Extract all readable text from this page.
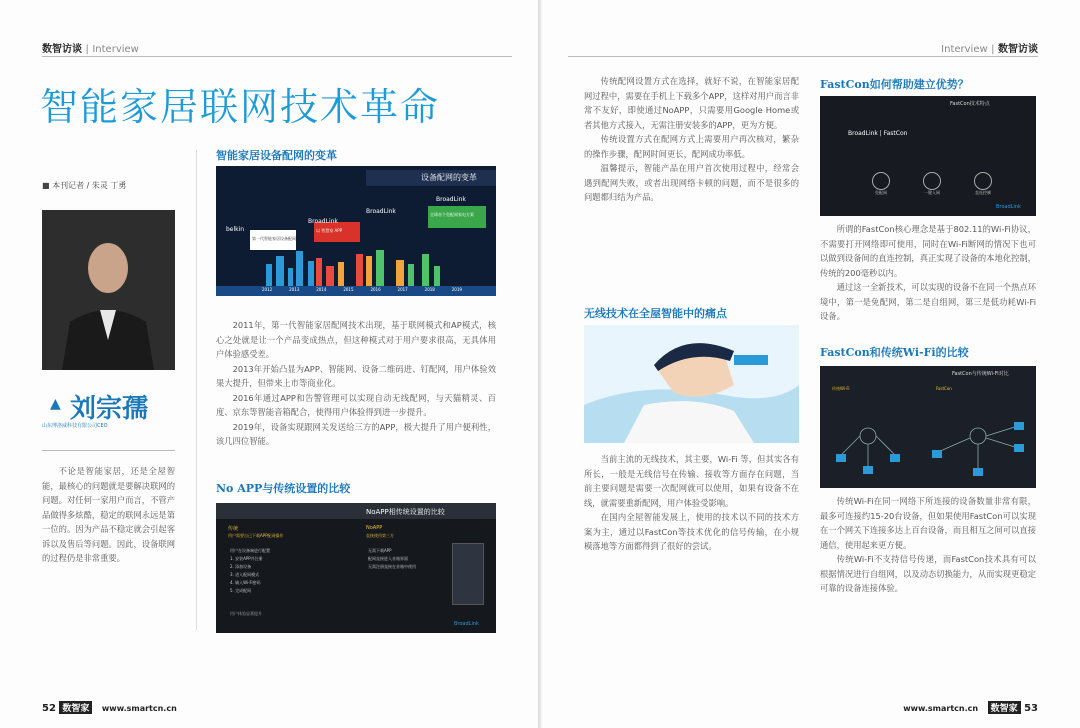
数智访谈 | Interview
智能家居联网技术革命
■ 本刊记者 / 朱灵 丁勇
▲ 刘宗孺
山东博洛威科技有限公司CEO

不论是智能家居，还是全屋智能，最核心的问题就是要解决联网的问题。对任何一家用户而言，不管产品做得多炫酷，稳定的联网永远是第一位的。因为产品不稳定就会引起客诉以及售后等问题。因此，设备联网的过程仍是非常重要。

智能家居设备配网的变革
设备配网的变革
BroadLink
BroadLink
belkin
BroadLink
第一代智能家居设备配网
以 智慧家 APP
全球首个免配网家电方案
2012	2013	2014	2015	2016	2017	2018	2019

2011年，第一代智能家居配网技术出现，基于联网模式和AP模式，核心之处就是让一个产品变成热点，但这种模式对于用户要求很高，无具体用户体验感受差。

2013年开始凸显为APP、智能网、设备二维码进、钉配网，用户体验效果大提升，但带来上市等商业化。

2016年通过APP和告警管理可以实现自动无线配网，与天猫精灵、百度、京东等智能音箱配合，使得用户体验得到进一步提升。

2019年，设备实现跟网关发送给三方的APP，极大提升了用户便利性，该几四位智能。

No APP与传统设置的比较
NoAPP相传统设置的比较
传统
用户需要自己下载APP配网操作
用户在设备端进行配置
1. 安装APP并注册
2. 添加设备
3. 进入配网模式
4. 输入Wi-Fi密码
5. 完成配网
NoAPP
直接使用第三方
无需下载APP
配网直接进入音箱界面
无需注册直接在音箱中使用
用户体验显著提升
BroadLink
52 数智家 www.smartcn.cn
Interview | 数智访谈

传统配网设置方式在选择，就好不说，在智能家居配网过程中，需要在手机上下载多个APP，这样对用户而言非常不友好，即使通过NoAPP，只需要用Google Home或者其他方式接入，无需注册安装多的APP，更为方便。

传统设置方式在配网方式上需要用户再次核对，繁杂的操作步骤，配网时间更长，配网成功率低。

温馨提示，智能产品在用户首次使用过程中，经常会遇到配网失败，或者出现网络卡顿的问题，而不是很多的问题都归结为产品。

无线技术在全屋智能中的痛点

当前主流的无线技术，其主要，Wi-Fi 等，但其实各有所长，一般是无线信号在传输、接收等方面存在问题，当前主要问题是需要一次配网就可以使用，如果有设备不在线，就需要重新配网，用户体验受影响。

在国内全屋智能发展上，使用的技术以不同的技术方案为主，通过以FastCon等技术优化的信号传输，在小规模落地等方面都得到了很好的尝试。

FastCon如何帮助建立优势？
FastCon技术特点
BroadLink | FastCon
免配网	一键入网	直连控制
BroadLink

所谓的FastCon核心理念是基于802.11的Wi-Fi协议，不需要打开网络即可使用，同时在Wi-Fi断网的情况下也可以做到设备间的直连控制，真正实现了设备的本地化控制，传统的200毫秒以内。

通过这一全新技术，可以实现的设备不在同一个热点环境中，第一是免配网，第二是自组网，第三是低功耗Wi-Fi设备。

FastCon和传统Wi-Fi的比较
FastCon与传统Wi-Fi对比
传统Wi-Fi	FastCon

传统Wi-Fi在同一网络下所连接的设备数量非常有限，最多可连接约15-20台设备，但如果使用FastCon可以实现在一个网关下连接多达上百台设备，而且相互之间可以直接通信，使用起来更方便。

传统Wi-Fi不支持信号传递，而FastCon技术具有可以根据情况进行自组网，以及动态切换能力，从而实现更稳定可靠的设备连接体验。

www.smartcn.cn 数智家 53
